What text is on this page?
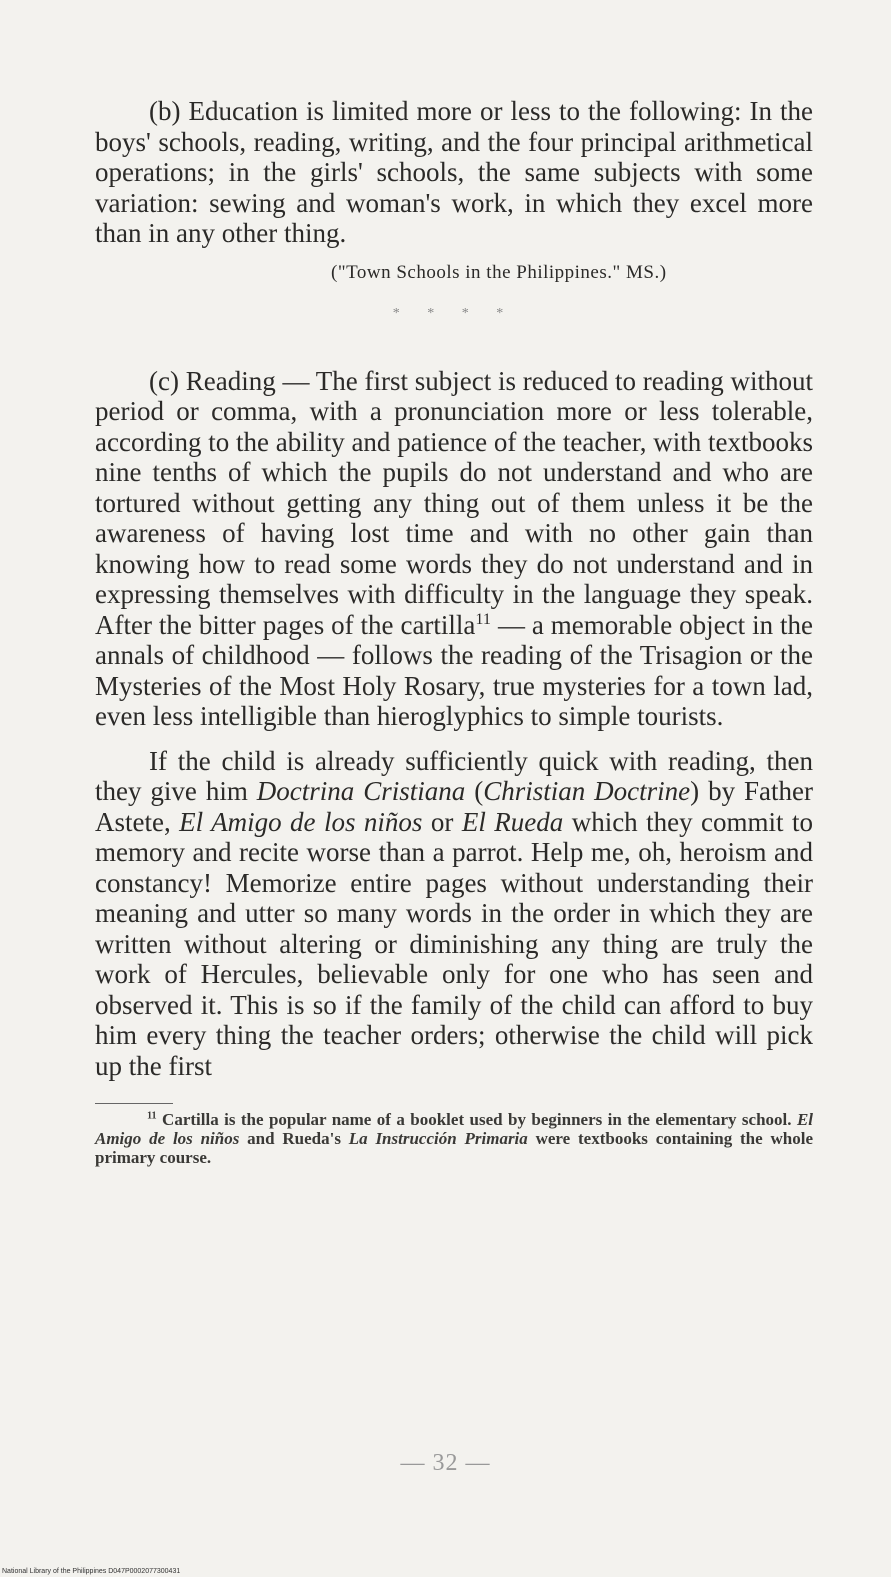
(b) Education is limited more or less to the following: In the boys' schools, reading, writing, and the four principal arithmetical operations; in the girls' schools, the same subjects with some variation: sewing and woman's work, in which they excel more than in any other thing.

("Town Schools in the Philippines." MS.)
* * * *

(c) Reading — The first subject is reduced to reading without period or comma, with a pronunciation more or less tolerable, according to the ability and patience of the teacher, with textbooks nine tenths of which the pupils do not understand and who are tortured without getting any thing out of them unless it be the awareness of having lost time and with no other gain than knowing how to read some words they do not understand and in expressing themselves with difficulty in the language they speak. After the bitter pages of the cartilla$^{11}$ — a memorable object in the annals of childhood — follows the reading of the Trisagion or the Mysteries of the Most Holy Rosary, true mysteries for a town lad, even less intelligible than hieroglyphics to simple tourists.

If the child is already sufficiently quick with reading, then they give him Doctrina Cristiana (Christian Doctrine) by Father Astete, El Amigo de los niños or El Rueda which they commit to memory and recite worse than a parrot. Help me, oh, heroism and constancy! Memorize entire pages without understanding their meaning and utter so many words in the order in which they are written without altering or diminishing any thing are truly the work of Hercules, believable only for one who has seen and observed it. This is so if the family of the child can afford to buy him every thing the teacher orders; otherwise the child will pick up the first

$^{11}$ Cartilla is the popular name of a booklet used by beginners in the elementary school. El Amigo de los niños and Rueda's La Instrucción Primaria were textbooks containing the whole primary course.

— 32 —
National Library of the Philippines D047P0002077300431
